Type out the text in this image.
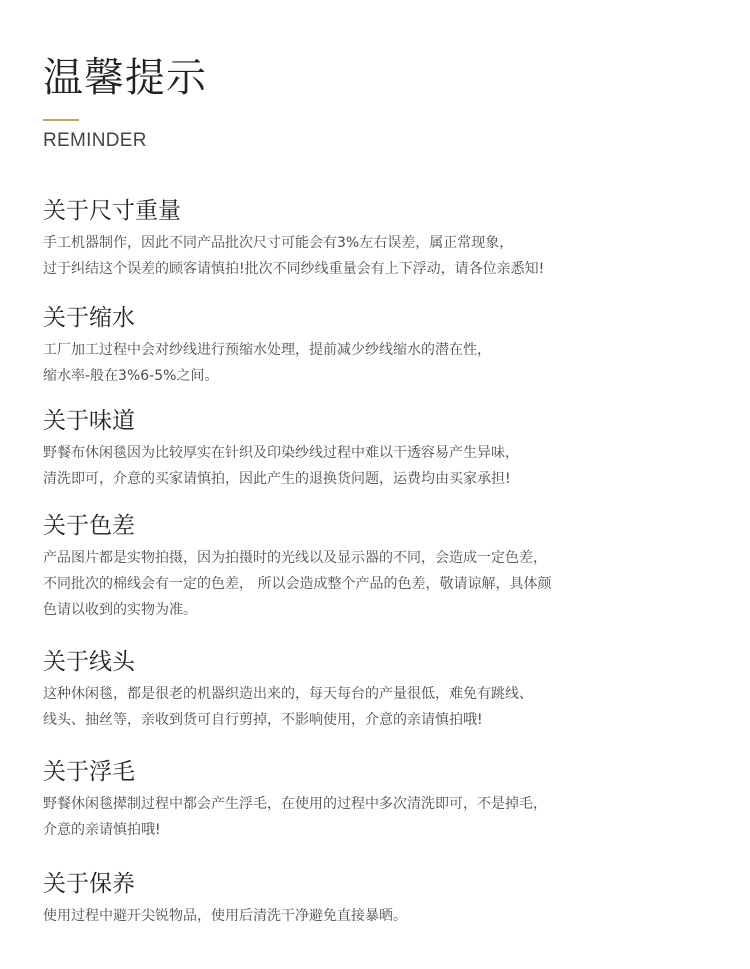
温馨提示
REMINDER
关于尺寸重量

手工机器制作，因此不同产品批次尺寸可能会有3%左右误差，属正常现象，
过于纠结这个误差的顾客请慎拍!批次不同纱线重量会有上下浮动，请各位亲悉知!

关于缩水

工厂加工过程中会对纱线进行预缩水处理，提前减少纱线缩水的潜在性，
缩水率-般在3%6-5%之间。

关于味道

野餐布休闲毯因为比较厚实在针织及印染纱线过程中难以干透容易产生异味，
清洗即可，介意的买家请慎拍，因此产生的退换货问题，运费均由买家承担!

关于色差

产品图片都是实物拍摄，因为拍摄时的光线以及显示器的不同，会造成一定色差，
不同批次的棉线会有一定的色差， 所以会造成整个产品的色差，敬请谅解，具体颜
色请以收到的实物为准。

关于线头

这种休闲毯，都是很老的机器织造出来的，每天每台的产量很低，难免有跳线、
线头、抽丝等，亲收到货可自行剪掉，不影响使用，介意的亲请慎拍哦!

关于浮毛

野餐休闲毯撵制过程中都会产生浮毛，在使用的过程中多次清洗即可，不是掉毛，
介意的亲请慎拍哦!

关于保养

使用过程中避开尖锐物品，使用后清洗干净避免直接暴晒。
